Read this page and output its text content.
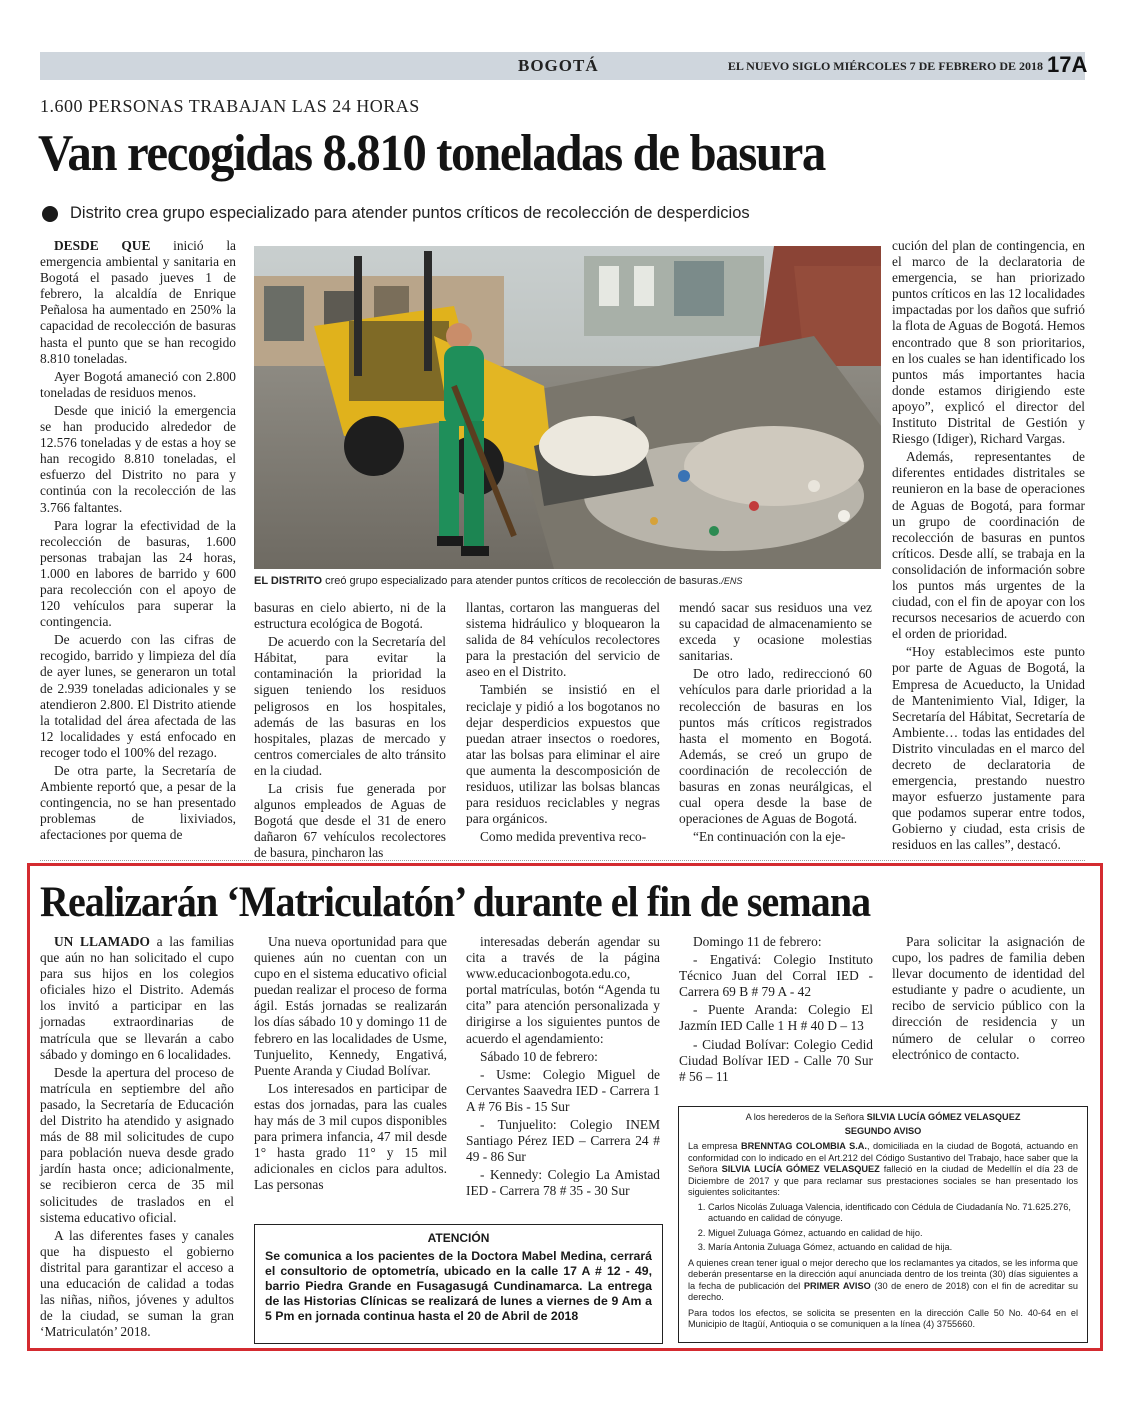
BOGOTÁ	EL NUEVO SIGLO MIÉRCOLES 7 DE FEBRERO DE 2018 17A
1.600 PERSONAS TRABAJAN LAS 24 HORAS
Van recogidas 8.810 toneladas de basura
Distrito crea grupo especializado para atender puntos críticos de recolección de desperdicios

DESDE QUE inició la emergencia ambiental y sanitaria en Bogotá el pasado jueves 1 de febrero, la alcaldía de Enrique Peñalosa ha aumentado en 250% la capacidad de recolección de basuras hasta el punto que se han recogido 8.810 toneladas.

Ayer Bogotá amaneció con 2.800 toneladas de residuos menos.

Desde que inició la emergencia se han producido alrededor de 12.576 toneladas y de estas a hoy se han recogido 8.810 toneladas, el esfuerzo del Distrito no para y continúa con la recolección de las 3.766 faltantes.

Para lograr la efectividad de la recolección de basuras, 1.600 personas trabajan las 24 horas, 1.000 en labores de barrido y 600 para recolección con el apoyo de 120 vehículos para superar la contingencia.

De acuerdo con las cifras de recogido, barrido y limpieza del día de ayer lunes, se generaron un total de 2.939 toneladas adicionales y se atendieron 2.800. El Distrito atiende la totalidad del área afectada de las 12 localidades y está enfocado en recoger todo el 100% del rezago.

De otra parte, la Secretaría de Ambiente reportó que, a pesar de la contingencia, no se han presentado problemas de lixiviados, afectaciones por quema de

EL DISTRITO creó grupo especializado para atender puntos críticos de recolección de basuras./ENS

basuras en cielo abierto, ni de la estructura ecológica de Bogotá.

De acuerdo con la Secretaría del Hábitat, para evitar la contaminación la prioridad la siguen teniendo los residuos peligrosos en los hospitales, además de las basuras en los hospitales, plazas de mercado y centros comerciales de alto tránsito en la ciudad.

La crisis fue generada por algunos empleados de Aguas de Bogotá que desde el 31 de enero dañaron 67 vehículos recolectores de basura, pincharon las

llantas, cortaron las mangueras del sistema hidráulico y bloquearon la salida de 84 vehículos recolectores para la prestación del servicio de aseo en el Distrito.

También se insistió en el reciclaje y pidió a los bogotanos no dejar desperdicios expuestos que puedan atraer insectos o roedores, atar las bolsas para eliminar el aire que aumenta la descomposición de residuos, utilizar las bolsas blancas para residuos reciclables y negras para orgánicos.

Como medida preventiva reco-

mendó sacar sus residuos una vez su capacidad de almacenamiento se exceda y ocasione molestias sanitarias.

De otro lado, redireccionó 60 vehículos para darle prioridad a la recolección de basuras en los puntos más críticos registrados hasta el momento en Bogotá. Además, se creó un grupo de coordinación de recolección de basuras en zonas neurálgicas, el cual opera desde la base de operaciones de Aguas de Bogotá.

“En continuación con la eje-

cución del plan de contingencia, en el marco de la declaratoria de emergencia, se han priorizado puntos críticos en las 12 localidades impactadas por los daños que sufrió la flota de Aguas de Bogotá. Hemos encontrado que 8 son prioritarios, en los cuales se han identificado los puntos más importantes hacia donde estamos dirigiendo este apoyo”, explicó el director del Instituto Distrital de Gestión y Riesgo (Idiger), Richard Vargas.

Además, representantes de diferentes entidades distritales se reunieron en la base de operaciones de Aguas de Bogotá, para formar un grupo de coordinación de recolección de basuras en puntos críticos. Desde allí, se trabaja en la consolidación de información sobre los puntos más urgentes de la ciudad, con el fin de apoyar con los recursos necesarios de acuerdo con el orden de prioridad.

“Hoy establecimos este punto por parte de Aguas de Bogotá, la Empresa de Acueducto, la Unidad de Mantenimiento Vial, Idiger, la Secretaría del Hábitat, Secretaría de Ambiente… todas las entidades del Distrito vinculadas en el marco del decreto de declaratoria de emergencia, prestando nuestro mayor esfuerzo justamente para que podamos superar entre todos, Gobierno y ciudad, esta crisis de residuos en las calles”, destacó.

Realizarán ‘Matriculatón’ durante el fin de semana

UN LLAMADO a las familias que aún no han solicitado el cupo para sus hijos en los colegios oficiales hizo el Distrito. Además los invitó a participar en las jornadas extraordinarias de matrícula que se llevarán a cabo sábado y domingo en 6 localidades.

Desde la apertura del proceso de matrícula en septiembre del año pasado, la Secretaría de Educación del Distrito ha atendido y asignado más de 88 mil solicitudes de cupo para población nueva desde grado jardín hasta once; adicionalmente, se recibieron cerca de 35 mil solicitudes de traslados en el sistema educativo oficial.

A las diferentes fases y canales que ha dispuesto el gobierno distrital para garantizar el acceso a una educación de calidad a todas las niñas, niños, jóvenes y adultos de la ciudad, se suman la gran ‘Matriculatón’ 2018.

Una nueva oportunidad para que quienes aún no cuentan con un cupo en el sistema educativo oficial puedan realizar el proceso de forma ágil. Estás jornadas se realizarán los días sábado 10 y domingo 11 de febrero en las localidades de Usme, Tunjuelito, Kennedy, Engativá, Puente Aranda y Ciudad Bolívar.

Los interesados en participar de estas dos jornadas, para las cuales hay más de 3 mil cupos disponibles para primera infancia, 47 mil desde 1° hasta grado 11° y 15 mil adicionales en ciclos para adultos. Las personas

interesadas deberán agendar su cita a través de la página www.educacionbogota.edu.co, portal matrículas, botón “Agenda tu cita” para atención personalizada y dirigirse a los siguientes puntos de acuerdo el agendamiento:

Sábado 10 de febrero:

- Usme: Colegio Miguel de Cervantes Saavedra IED - Carrera 1 A # 76 Bis - 15 Sur

- Tunjuelito: Colegio INEM Santiago Pérez IED – Carrera 24 # 49 - 86 Sur

- Kennedy: Colegio La Amistad IED - Carrera 78 # 35 - 30 Sur

Domingo 11 de febrero:

- Engativá: Colegio Instituto Técnico Juan del Corral IED - Carrera 69 B # 79 A - 42

- Puente Aranda: Colegio El Jazmín IED Calle 1 H # 40 D – 13

- Ciudad Bolívar: Colegio Cedid Ciudad Bolívar IED - Calle 70 Sur # 56 – 11

Para solicitar la asignación de cupo, los padres de familia deben llevar documento de identidad del estudiante y padre o acudiente, un recibo de servicio público con la dirección de residencia y un número de celular o correo electrónico de contacto.

ATENCIÓN
Se comunica a los pacientes de la Doctora Mabel Medina, cerrará el consultorio de optometría, ubicado en la calle 17 A # 12 - 49, barrio Piedra Grande en Fusagasugá Cundinamarca. La entrega de las Historias Clínicas se realizará de lunes a viernes de 9 Am a 5 Pm en jornada continua hasta el 20 de Abril de 2018
A los herederos de la Señora SILVIA LUCÍA GÓMEZ VELASQUEZ
SEGUNDO AVISO
La empresa BRENNTAG COLOMBIA S.A., domiciliada en la ciudad de Bogotá, actuando en conformidad con lo indicado en el Art.212 del Código Sustantivo del Trabajo, hace saber que la Señora SILVIA LUCÍA GÓMEZ VELASQUEZ falleció en la ciudad de Medellín el día 23 de Diciembre de 2017 y que para reclamar sus prestaciones sociales se han presentado los siguientes solicitantes:
1. Carlos Nicolás Zuluaga Valencia, identificado con Cédula de Ciudadanía No. 71.625.276, actuando en calidad de cónyuge.
2. Miguel Zuluaga Gómez, actuando en calidad de hijo.
3. María Antonia Zuluaga Gómez, actuando en calidad de hija.
A quienes crean tener igual o mejor derecho que los reclamantes ya citados, se les informa que deberán presentarse en la dirección aquí anunciada dentro de los treinta (30) días siguientes a la fecha de publicación del PRIMER AVISO (30 de enero de 2018) con el fin de acreditar su derecho.
Para todos los efectos, se solicita se presenten en la dirección Calle 50 No. 40-64 en el Municipio de Itagüí, Antioquia o se comuniquen a la línea (4) 3755660.
